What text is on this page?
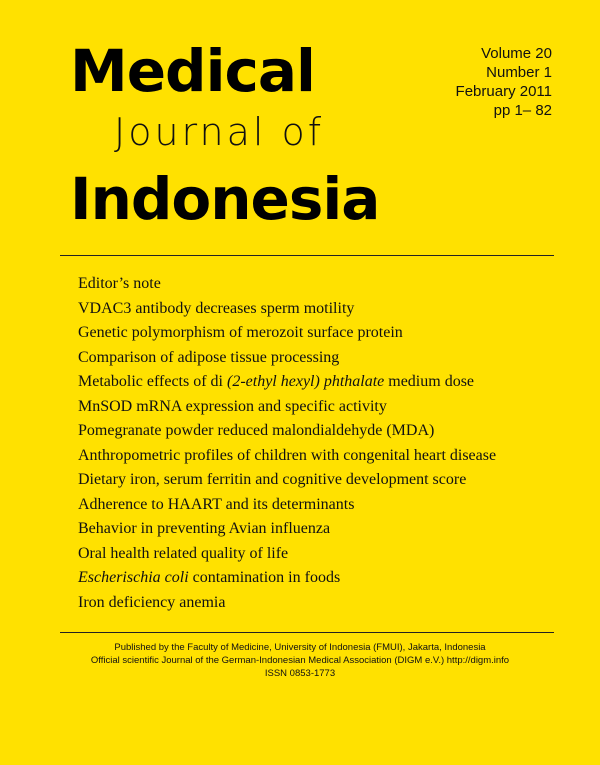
Medical
Journal of
Indonesia
Volume 20
Number 1
February 2011
pp 1– 82
Editor’s note
VDAC3 antibody decreases sperm motility
Genetic polymorphism of merozoit surface protein
Comparison of adipose tissue processing
Metabolic effects of di (2-ethyl hexyl) phthalate medium dose
MnSOD mRNA expression and specific activity
Pomegranate powder reduced malondialdehyde (MDA)
Anthropometric profiles of children with congenital heart disease
Dietary iron, serum ferritin and cognitive development score
Adherence to HAART and its determinants
Behavior in preventing Avian influenza
Oral health related quality of life
Escherischia coli contamination in foods
Iron deficiency anemia
Published by the Faculty of Medicine, University of Indonesia (FMUI), Jakarta, Indonesia
Official scientific Journal of the German-Indonesian Medical Association (DIGM e.V.) http://digm.info
ISSN 0853-1773
